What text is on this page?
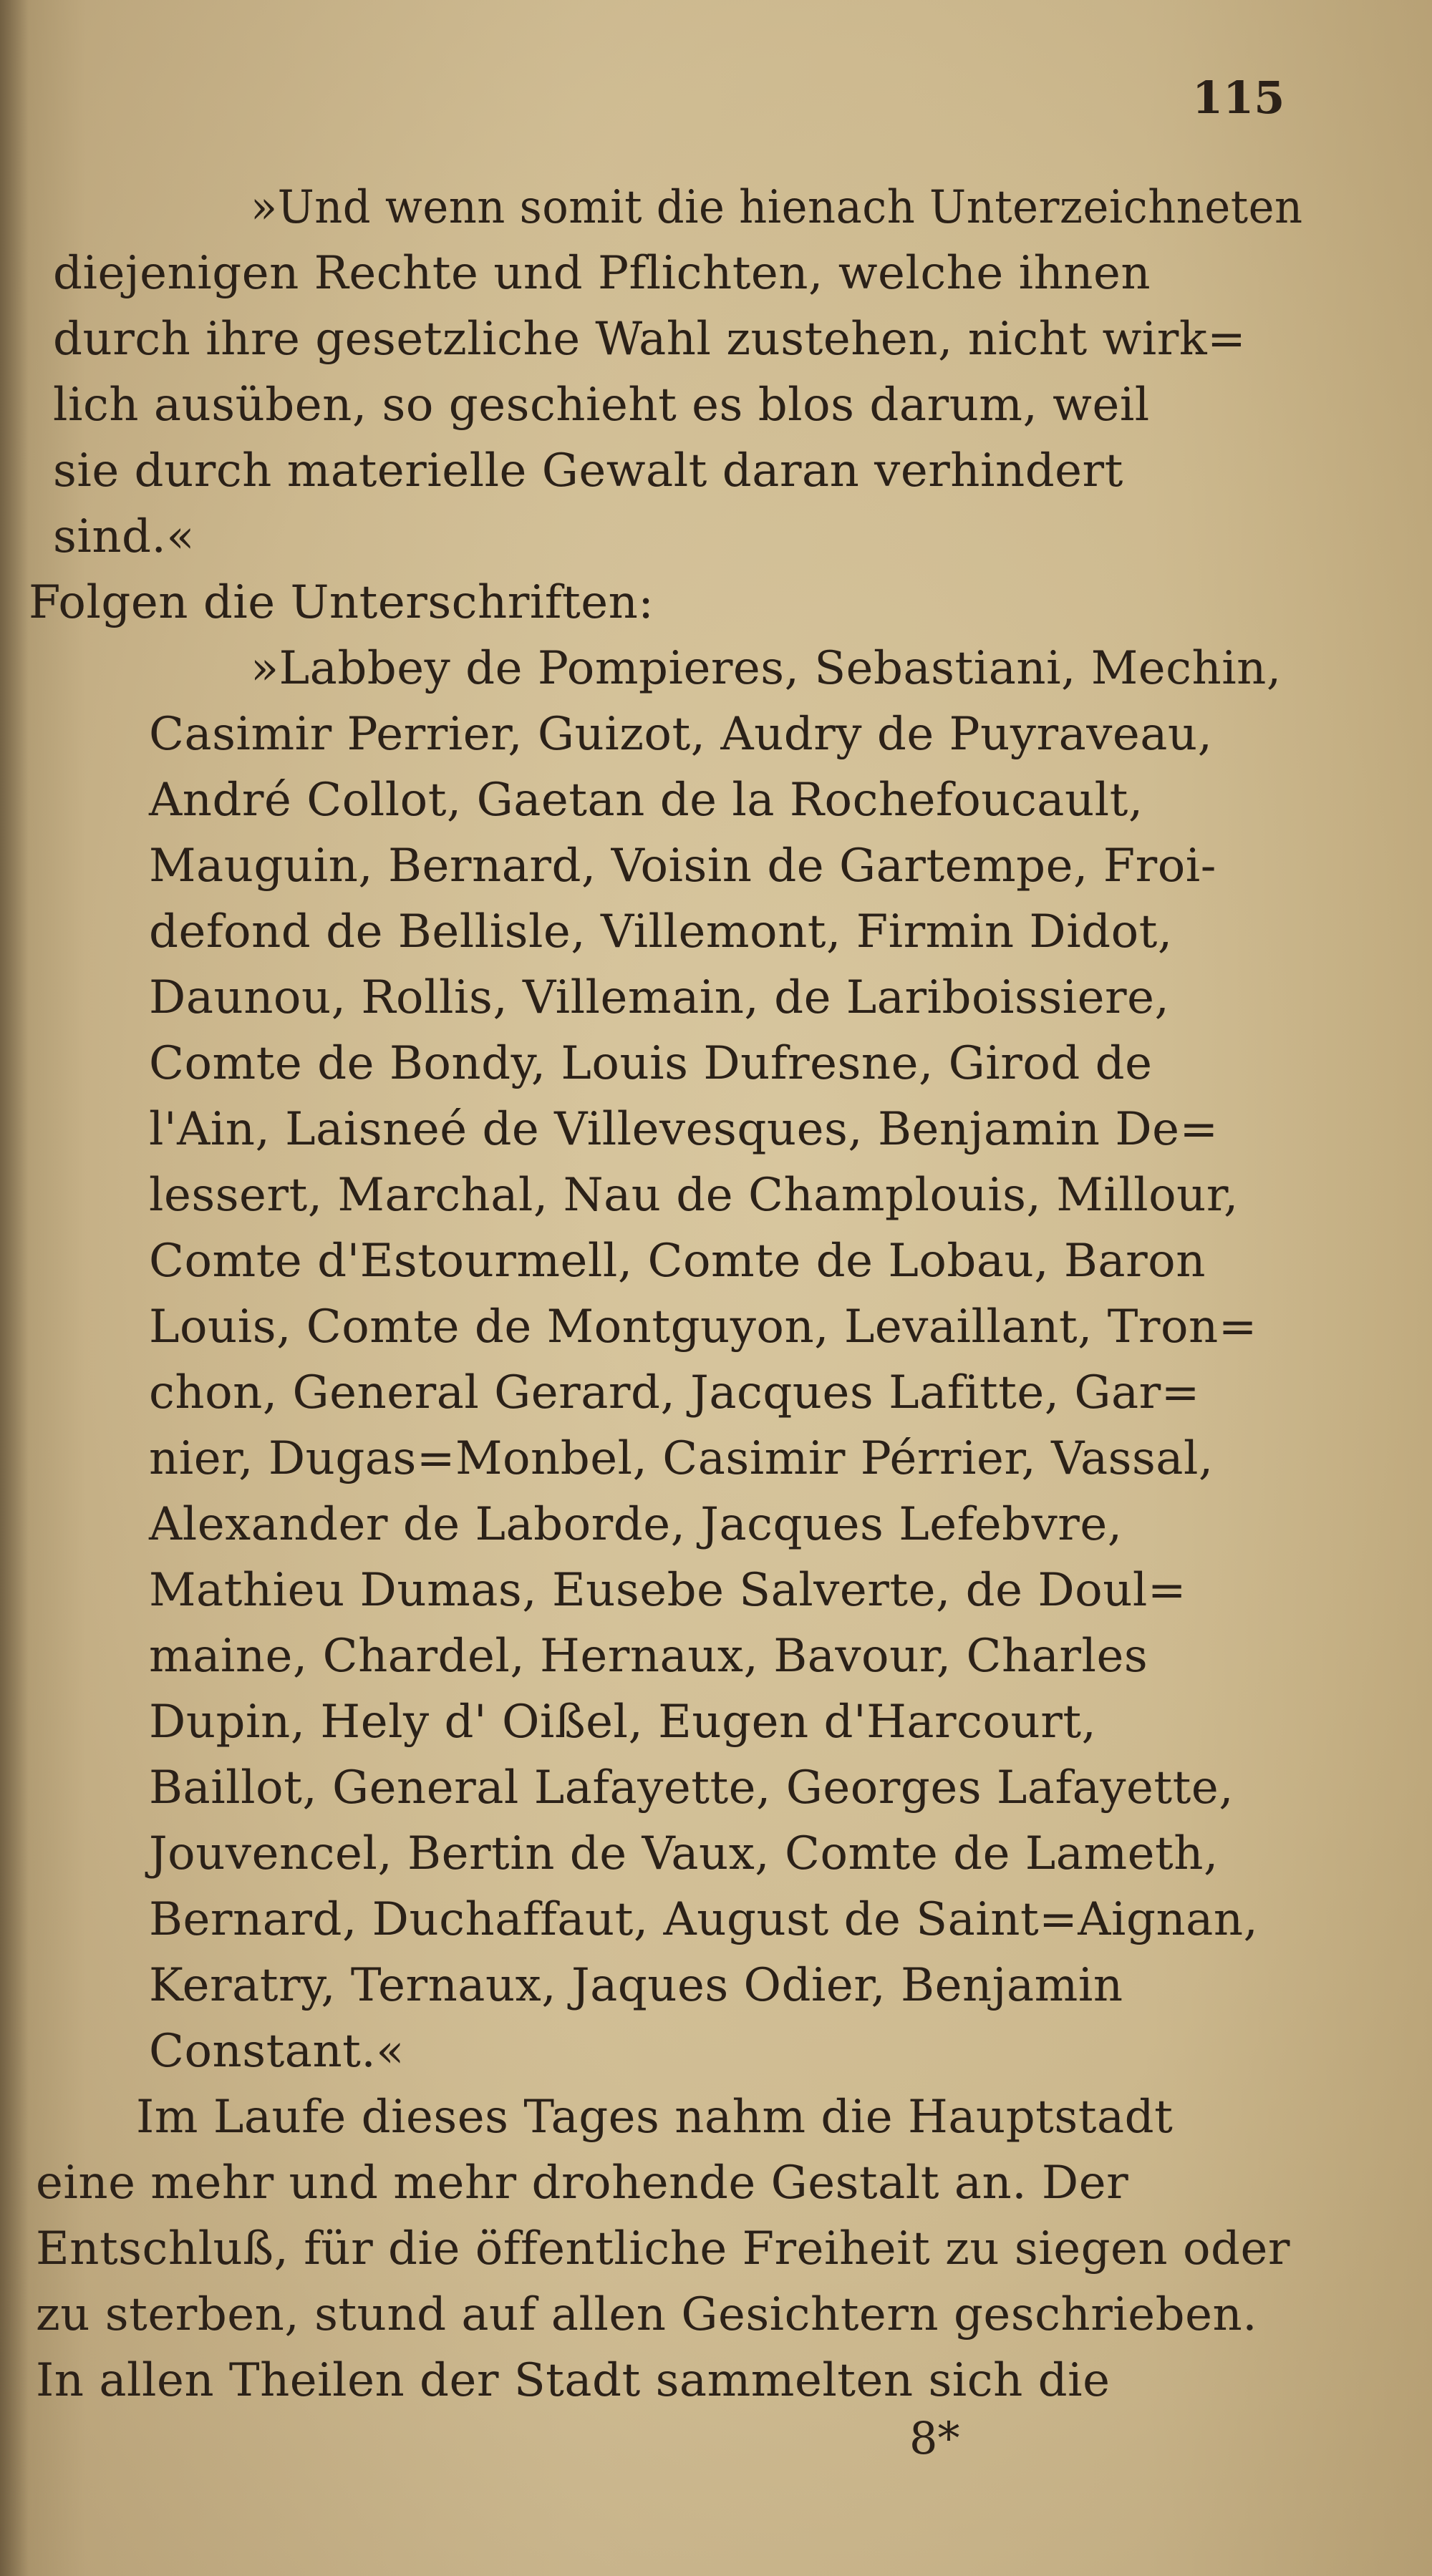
115
»Und wenn somit die hienach Unterzeichneten
diejenigen Rechte und Pflichten, welche ihnen
durch ihre gesetzliche Wahl zustehen, nicht wirk=
lich ausüben, so geschieht es blos darum, weil
sie durch materielle Gewalt daran verhindert
sind.«
Folgen die Unterschriften:
»Labbey de Pompieres, Sebastiani, Mechin,
Casimir Perrier, Guizot, Audry de Puyraveau,
André Collot, Gaetan de la Rochefoucault,
Mauguin, Bernard, Voisin de Gartempe, Froi-
defond de Bellisle, Villemont, Firmin Didot,
Daunou, Rollis, Villemain, de Lariboissiere,
Comte de Bondy, Louis Dufresne, Girod de
l'Ain, Laisneé de Villevesques, Benjamin De=
lessert, Marchal, Nau de Champlouis, Millour,
Comte d'Estourmell, Comte de Lobau, Baron
Louis, Comte de Montguyon, Levaillant, Tron=
chon, General Gerard, Jacques Lafitte, Gar=
nier, Dugas=Monbel, Casimir Pérrier, Vassal,
Alexander de Laborde, Jacques Lefebvre,
Mathieu Dumas, Eusebe Salverte, de Doul=
maine, Chardel, Hernaux, Bavour, Charles
Dupin, Hely d' Oißel, Eugen d'Harcourt,
Baillot, General Lafayette, Georges Lafayette,
Jouvencel, Bertin de Vaux, Comte de Lameth,
Bernard, Duchaffaut, August de Saint=Aignan,
Keratry, Ternaux, Jaques Odier, Benjamin
Constant.«
Im Laufe dieses Tages nahm die Hauptstadt
eine mehr und mehr drohende Gestalt an. Der
Entschluß, für die öffentliche Freiheit zu siegen oder
zu sterben, stund auf allen Gesichtern geschrieben.
In allen Theilen der Stadt sammelten sich die
8*
